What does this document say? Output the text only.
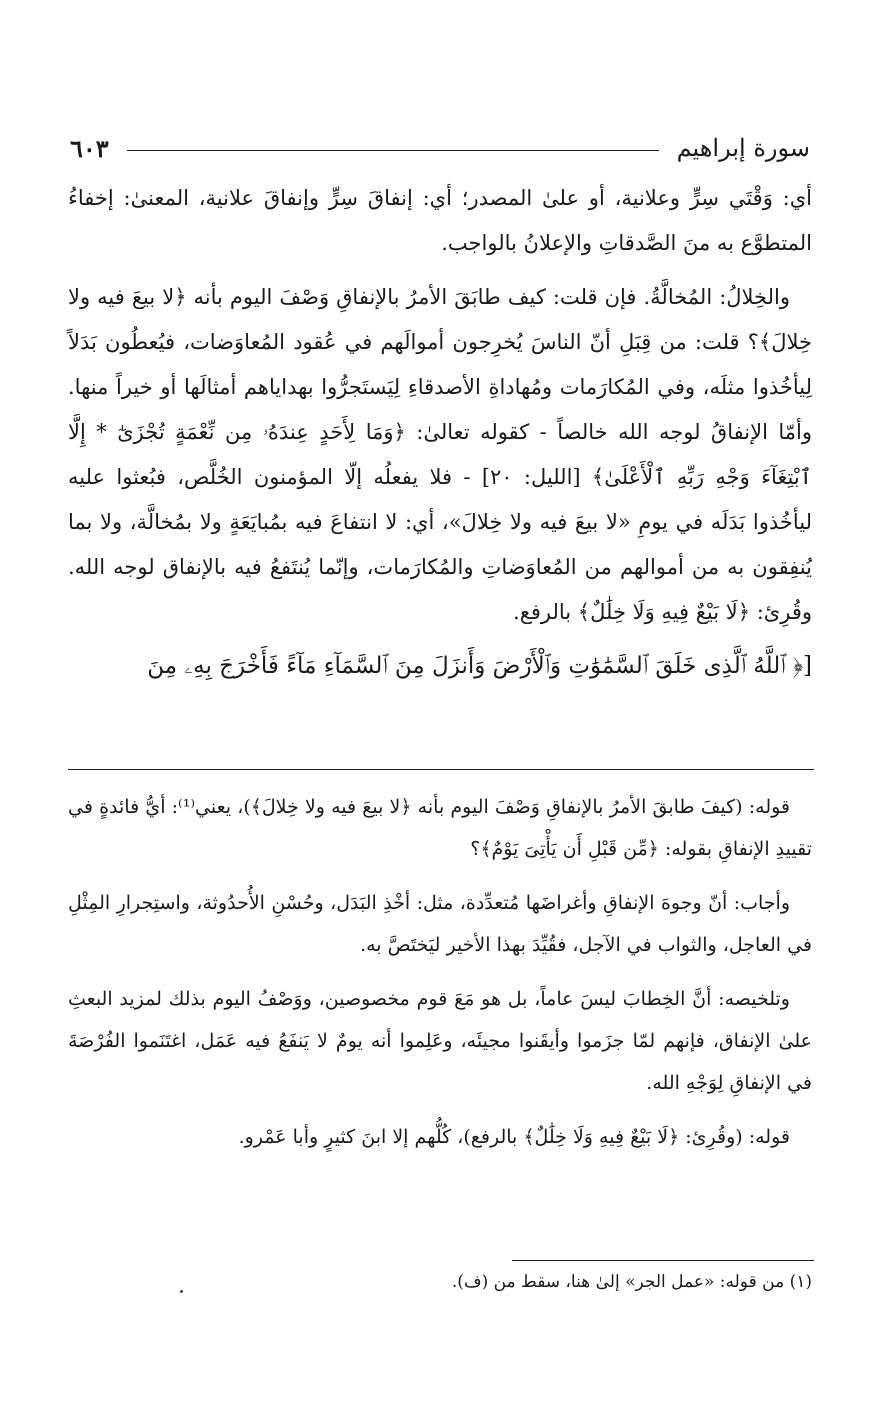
سورة إبراهيم
٦٠٣

أي: وَقْتَي سِرٍّ وعلانية، أو علىٰ المصدر؛ أي: إنفاقَ سِرٍّ وإنفاقَ علانية، المعنىٰ: إخفاءُ المتطوَّع به منَ الصَّدقاتِ والإعلانُ بالواجب.

والخِلالُ: المُخالَّةُ. فإن قلت: كيف طابَقَ الأمرُ بالإنفاقِ وَصْفَ اليوم بأنه ﴿لا بيعَ فيه ولا خِلالَ﴾؟ قلت: من قِبَلِ أنّ الناسَ يُخرِجون أموالَهم في عُقود المُعاوَضات، فيُعطُون بَدَلاً لِيأخُذوا مثلَه، وفي المُكارَمات ومُهاداةِ الأصدقاءِ لِيَستَجرُّوا بهداياهم أمثالَها أو خيراً منها. وأمّا الإنفاقُ لوجه الله خالصاً - كقوله تعالىٰ: ﴿وَمَا لِأَحَدٍ عِندَهُۥ مِن نِّعْمَةٍ تُجْزَىٰٓ * إِلَّا ٱبْتِغَآءَ وَجْهِ رَبِّهِ ٱلْأَعْلَىٰ﴾ [الليل: ٢٠] - فلا يفعلُه إلّا المؤمنون الخُلَّص، فبُعثوا عليه ليأخُذوا بَدَلَه في يومِ «لا بيعَ فيه ولا خِلالَ»، أي: لا انتفاعَ فيه بمُبايَعَةٍ ولا بمُخالَّة، ولا بما يُنفِقون به من أموالهم من المُعاوَضاتِ والمُكارَمات، وإنّما يُنتَفعُ فيه بالإنفاق لوجه الله. وقُرِئ: ﴿لَا بَيْعٌ فِيهِ وَلَا خِلَٰلٌ﴾ بالرفع.

[﴿ ٱللَّهُ ٱلَّذِى خَلَقَ ٱلسَّمَٰوَٰتِ وَٱلْأَرْضَ وَأَنزَلَ مِنَ ٱلسَّمَآءِ مَآءً فَأَخْرَجَ بِهِۦ مِنَ

قوله: (كيفَ طابقَ الأمرُ بالإنفاقِ وَصْفَ اليوم بأنه ﴿لا بيعَ فيه ولا خِلالَ﴾)، يعني⁽¹⁾: أيُّ فائدةٍ في تقييدِ الإنفاقِ بقوله: ﴿مِّن قَبْلِ أَن يَأْتِىَ يَوْمٌ﴾؟

وأجاب: أنّ وجوهَ الإنفاقِ وأغراضَها مُتعدِّدة، مثل: أخْذِ البَدَل، وحُسْنِ الأُحدُوثة، واستِجرارِ المِثْلِ في العاجل، والثواب في الآجل، فقُيِّدَ بهذا الأخير ليَختَصَّ به.

وتلخيصه: أنَّ الخِطابَ ليسَ عاماً، بل هو مَعَ قوم مخصوصين، ووَصْفُ اليوم بذلك لمزيد البعثِ علىٰ الإنفاق، فإنهم لمّا جزَموا وأيقَنوا مجيئَه، وعَلِموا أنه يومٌ لا يَنفَعُ فيه عَمَل، اغتَنَموا الفُرْصَةَ في الإنفاقِ لِوَجْهِ الله.

قوله: (وقُرِئ: ﴿لَا بَيْعٌ فِيهِ وَلَا خِلَٰلٌ﴾ بالرفع)، كُلُّهم إلا ابنَ كثيرٍ وأبا عَمْرو.

(١) من قوله: «عمل الجر» إلىٰ هنا، سقط من (ف).
